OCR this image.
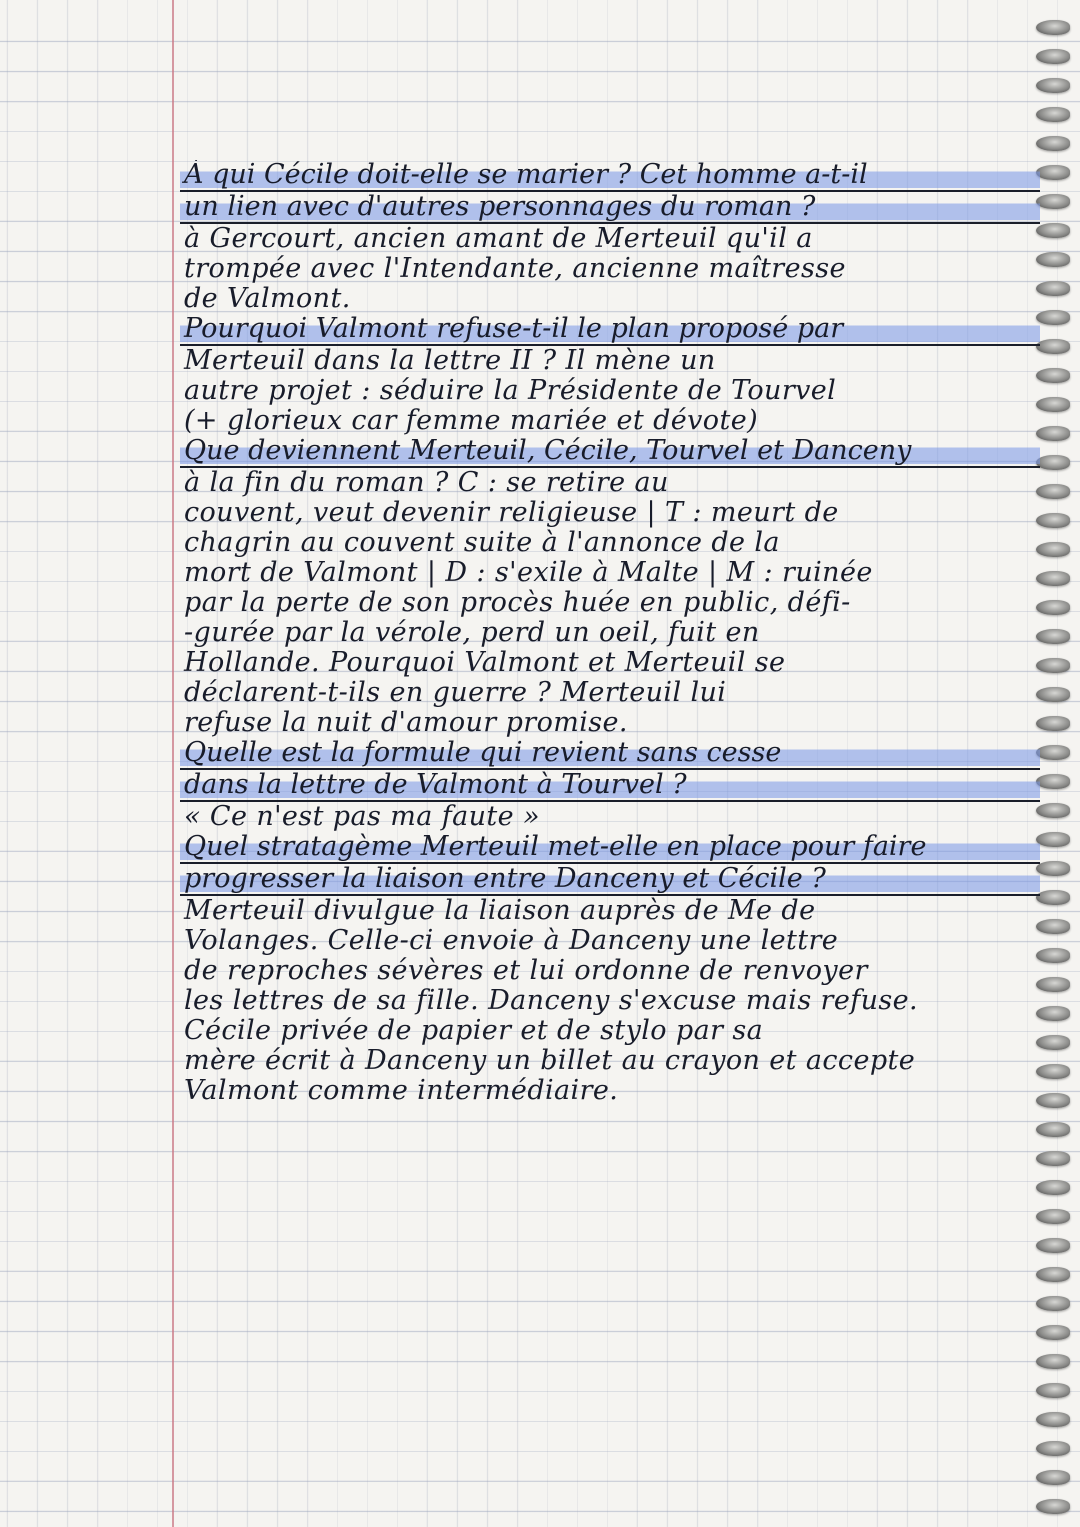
À qui Cécile doit-elle se marier ? Cet homme a-t-il
un lien avec d'autres personnages du roman ?
à Gercourt, ancien amant de Merteuil qu'il a
trompée avec l'Intendante, ancienne maîtresse
de Valmont.
Pourquoi Valmont refuse-t-il le plan proposé par
Merteuil dans la lettre II ? Il mène un
autre projet : séduire la Présidente de Tourvel
(+ glorieux car femme mariée et dévote)
Que deviennent Merteuil, Cécile, Tourvel et Danceny
à la fin du roman ? C : se retire au
couvent, veut devenir religieuse | T : meurt de
chagrin au couvent suite à l'annonce de la
mort de Valmont | D : s'exile à Malte | M : ruinée
par la perte de son procès huée en public, défi-
-gurée par la vérole, perd un oeil, fuit en
Hollande. Pourquoi Valmont et Merteuil se
déclarent-t-ils en guerre ? Merteuil lui
refuse la nuit d'amour promise.
Quelle est la formule qui revient sans cesse
dans la lettre de Valmont à Tourvel ?
« Ce n'est pas ma faute »
Quel stratagème Merteuil met-elle en place pour faire
progresser la liaison entre Danceny et Cécile ?
Merteuil divulgue la liaison auprès de Me de
Volanges. Celle-ci envoie à Danceny une lettre
de reproches sévères et lui ordonne de renvoyer
les lettres de sa fille. Danceny s'excuse mais refuse.
Cécile privée de papier et de stylo par sa
mère écrit à Danceny un billet au crayon et accepte
Valmont comme intermédiaire.
